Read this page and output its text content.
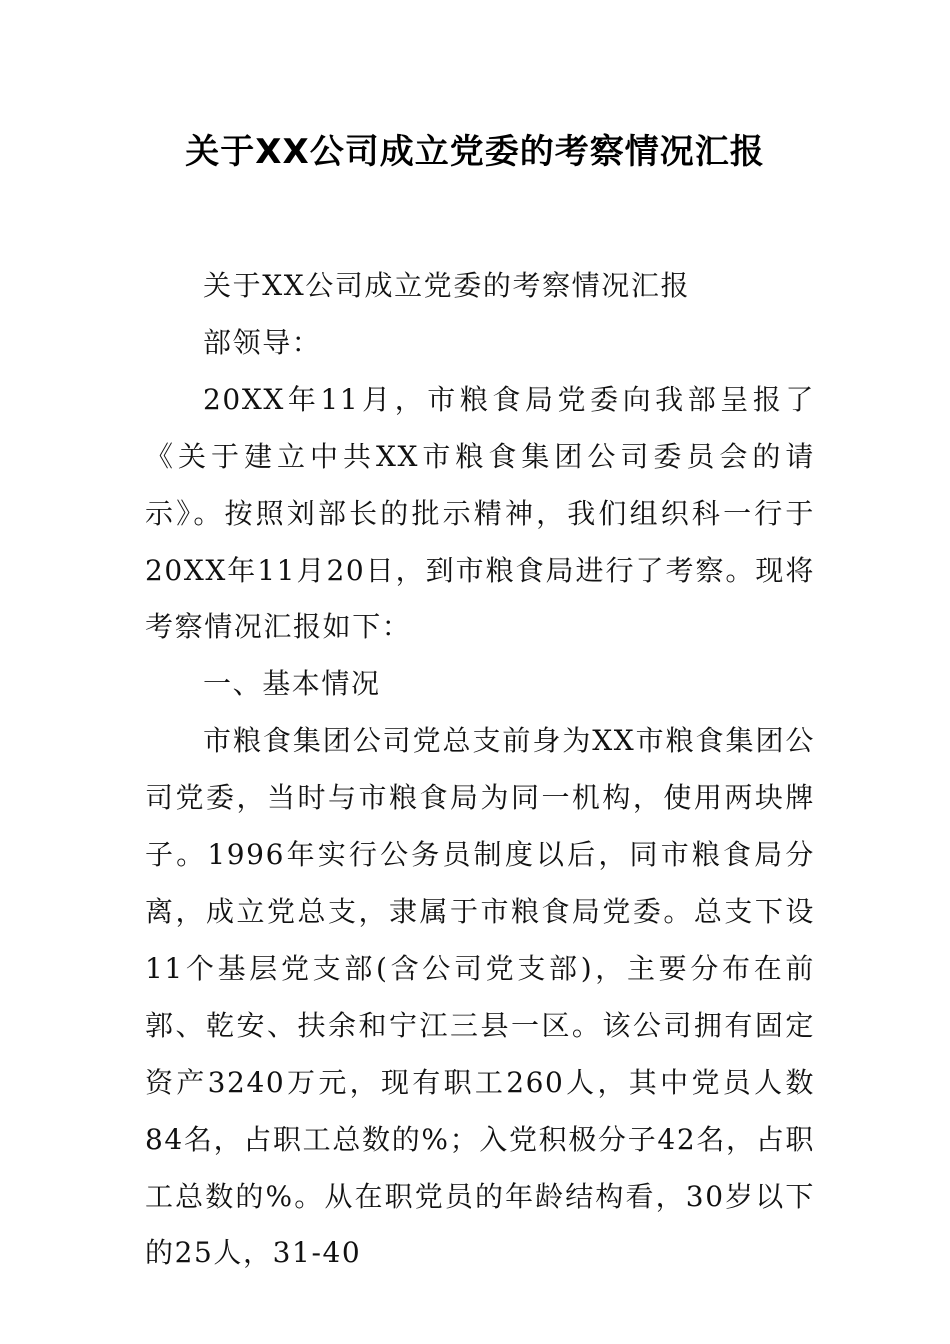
关于XX公司成立党委的考察情况汇报

关于XX公司成立党委的考察情况汇报

部领导：

20XX年11月，市粮食局党委向我部呈报了《关于建立中共XX市粮食集团公司委员会的请示》。按照刘部长的批示精神，我们组织科一行于20XX年11月20日，到市粮食局进行了考察。现将考察情况汇报如下：

一、基本情况

市粮食集团公司党总支前身为XX市粮食集团公司党委，当时与市粮食局为同一机构，使用两块牌子。1996年实行公务员制度以后，同市粮食局分离，成立党总支，隶属于市粮食局党委。总支下设11个基层党支部(含公司党支部)，主要分布在前郭、乾安、扶余和宁江三县一区。该公司拥有固定资产3240万元，现有职工260人，其中党员人数84名，占职工总数的%；入党积极分子42名，占职工总数的%。从在职党员的年龄结构看，30岁以下的25人，31-40
